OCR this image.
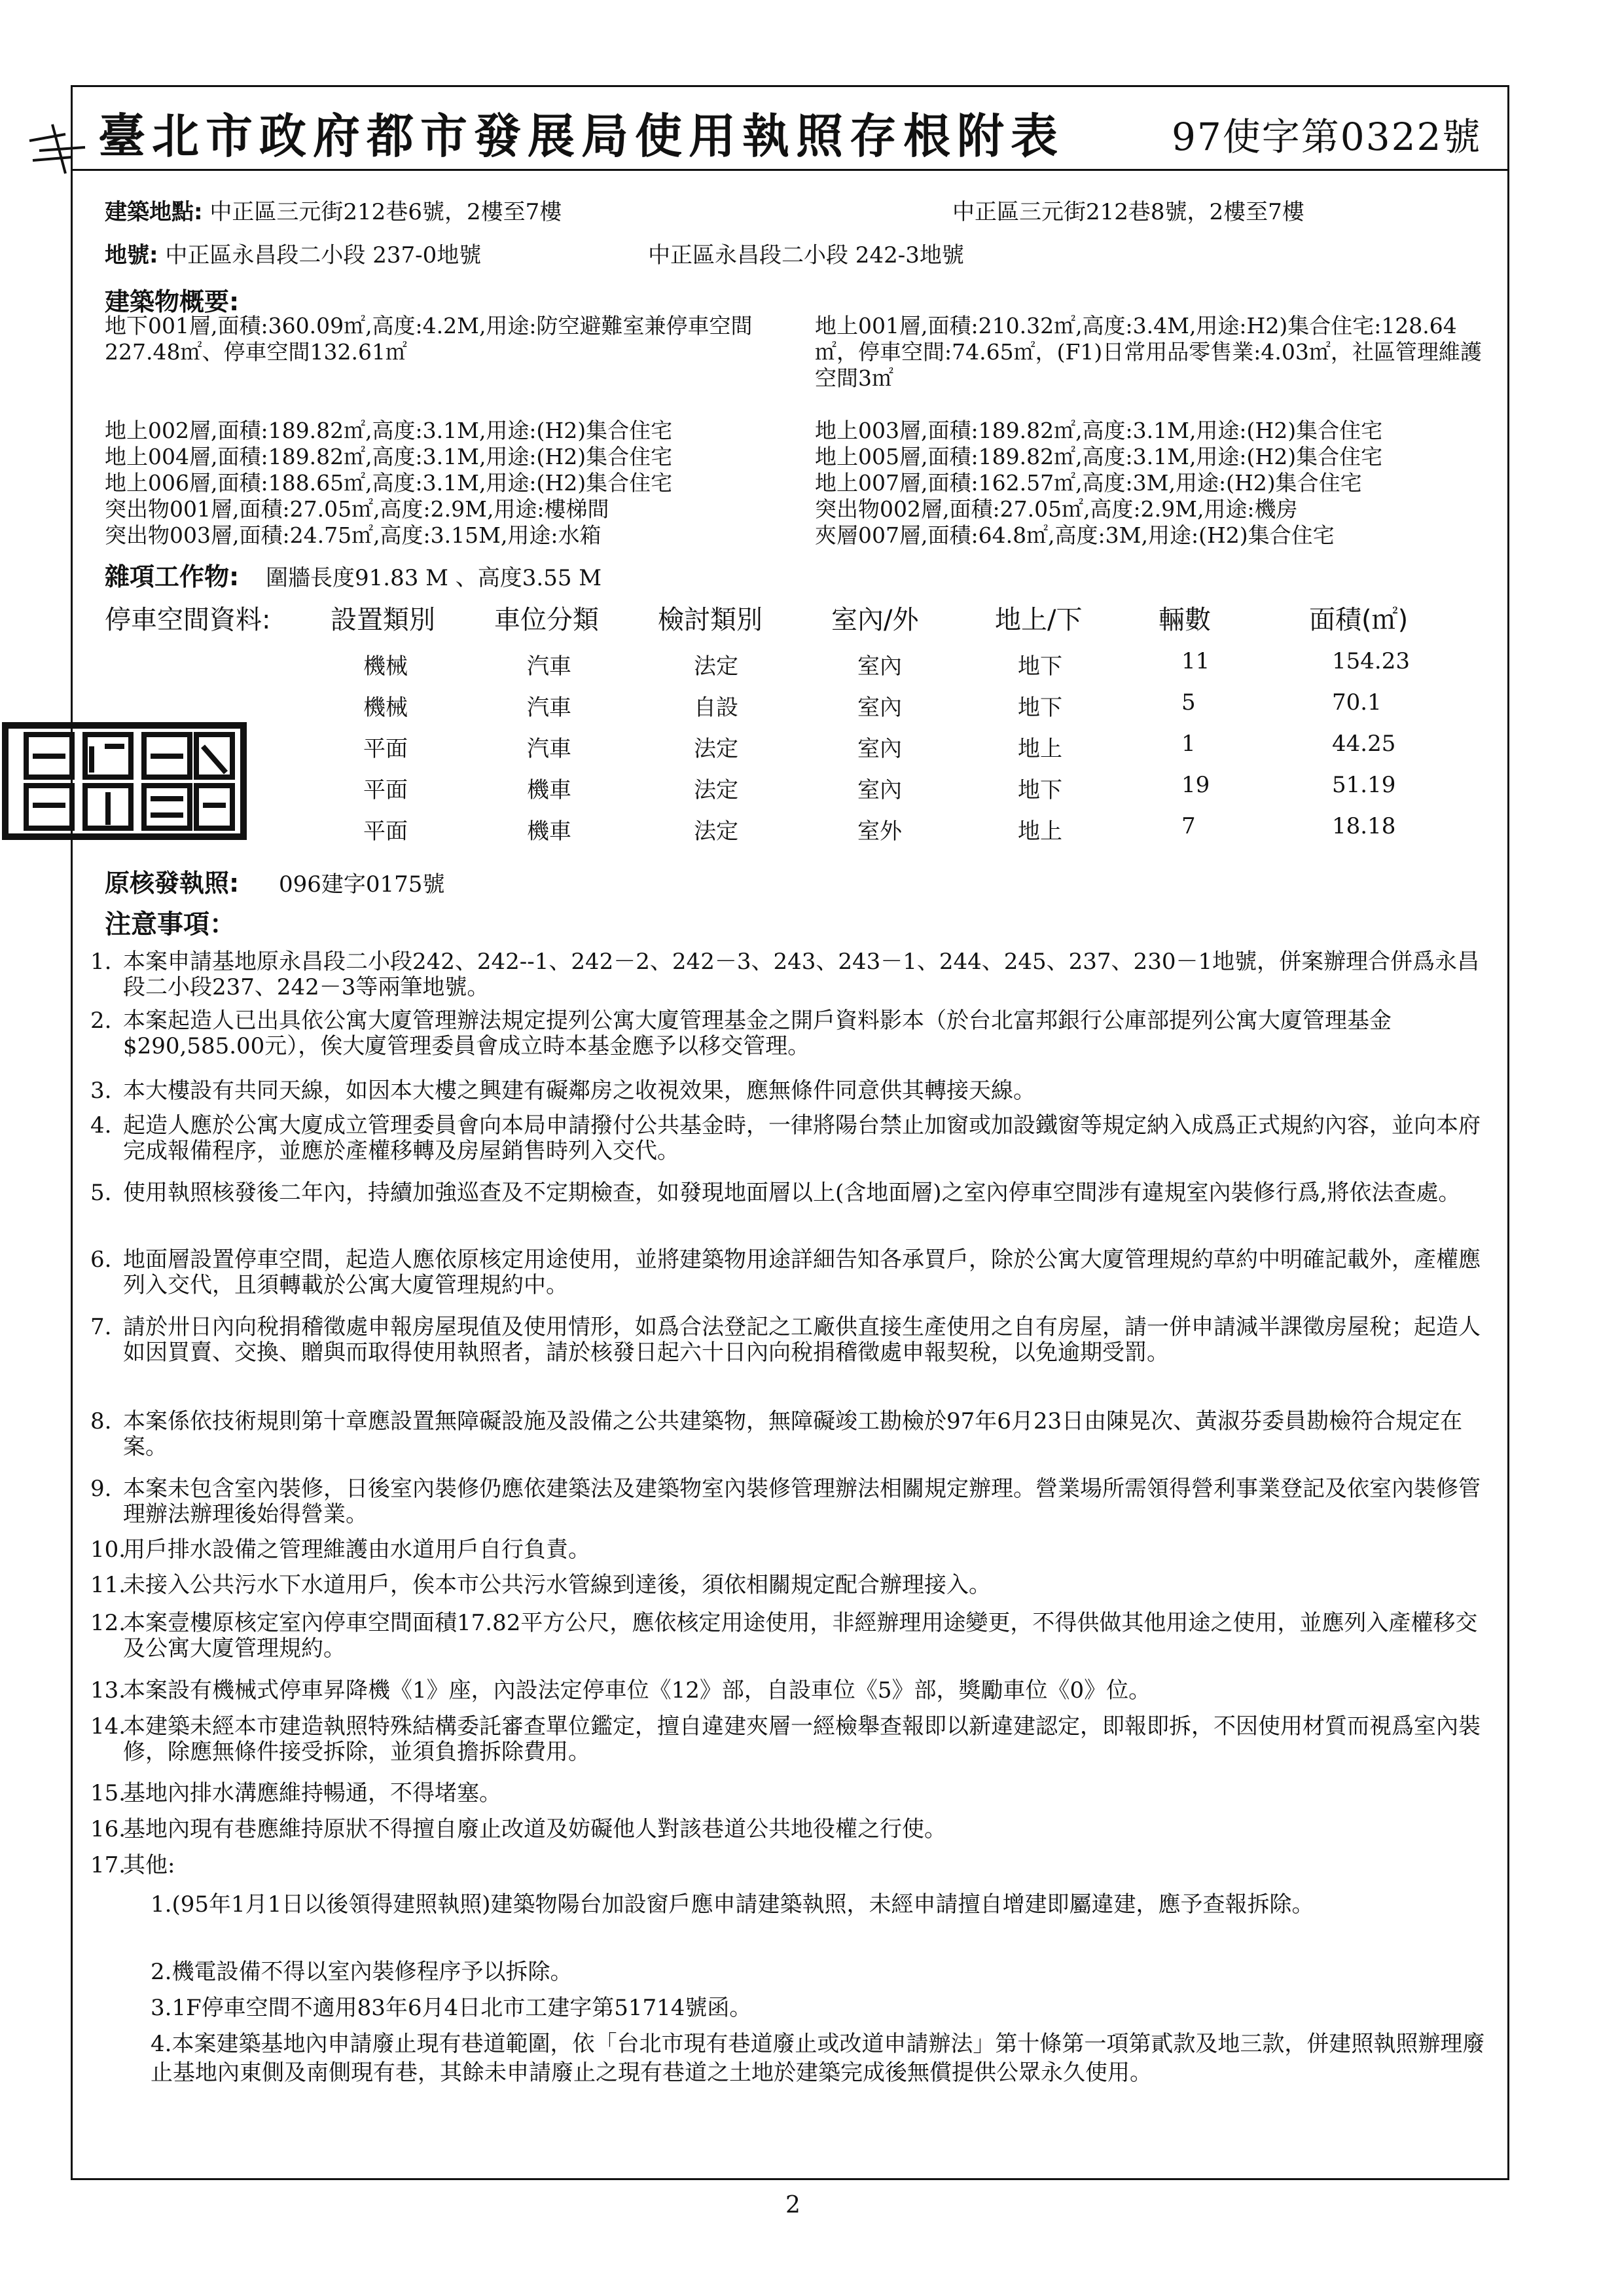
臺北市政府都市發展局使用執照存根附表	97使字第0322號
建築地點: 中正區三元街212巷6號，2樓至7樓	中正區三元街212巷8號，2樓至7樓
地號: 中正區永昌段二小段 237-0地號	中正區永昌段二小段 242-3地號
建築物概要:
地下001層,面積:360.09㎡,高度:4.2M,用途:防空避難室兼停車空間227.48㎡、停車空間132.61㎡
地上001層,面積:210.32㎡,高度:3.4M,用途:H2)集合住宅:128.64㎡，停車空間:74.65㎡，(F1)日常用品零售業:4.03㎡，社區管理維護空間3㎡
地上002層,面積:189.82㎡,高度:3.1M,用途:(H2)集合住宅
地上004層,面積:189.82㎡,高度:3.1M,用途:(H2)集合住宅
地上006層,面積:188.65㎡,高度:3.1M,用途:(H2)集合住宅
突出物001層,面積:27.05㎡,高度:2.9M,用途:樓梯間
突出物003層,面積:24.75㎡,高度:3.15M,用途:水箱
地上003層,面積:189.82㎡,高度:3.1M,用途:(H2)集合住宅
地上005層,面積:189.82㎡,高度:3.1M,用途:(H2)集合住宅
地上007層,面積:162.57㎡,高度:3M,用途:(H2)集合住宅
突出物002層,面積:27.05㎡,高度:2.9M,用途:機房
夾層007層,面積:64.8㎡,高度:3M,用途:(H2)集合住宅
雜項工作物: 圍牆長度91.83 M 、高度3.55 M
停車空間資料: 設置類別 車位分類 檢討類別	室內/外	地上/下	輛數	面積(㎡)
機械	汽車	法定	室內	地下	11	154.23
機械	汽車	自設	室內	地下	5	70.1
平面	汽車	法定	室內	地上	1	44.25
平面	機車	法定	室內	地下	19	51.19
平面	機車	法定	室外	地上	7	18.18
原核發執照: 096建字0175號
注意事項：
1. 本案申請基地原永昌段二小段242、242--1、242－2、242－3、243、243－1、244、245、237、230－1地號，併案辦理合併爲永昌段二小段237、242－3等兩筆地號。
2. 本案起造人已出具依公寓大廈管理辦法規定提列公寓大廈管理基金之開戶資料影本（於台北富邦銀行公庫部提列公寓大廈管理基金$290,585.00元），俟大廈管理委員會成立時本基金應予以移交管理。
3. 本大樓設有共同天線，如因本大樓之興建有礙鄰房之收視效果，應無條件同意供其轉接天線。
4. 起造人應於公寓大廈成立管理委員會向本局申請撥付公共基金時，一律將陽台禁止加窗或加設鐵窗等規定納入成爲正式規約內容，並向本府完成報備程序，並應於產權移轉及房屋銷售時列入交代。
5. 使用執照核發後二年內，持續加強巡查及不定期檢查，如發現地面層以上(含地面層)之室內停車空間涉有違規室內裝修行爲,將依法查處。
6. 地面層設置停車空間，起造人應依原核定用途使用，並將建築物用途詳細告知各承買戶，除於公寓大廈管理規約草約中明確記載外，產權應列入交代，且須轉載於公寓大廈管理規約中。
7. 請於卅日內向稅捐稽徵處申報房屋現值及使用情形，如爲合法登記之工廠供直接生產使用之自有房屋，請一併申請減半課徵房屋稅；起造人如因買賣、交換、贈與而取得使用執照者，請於核發日起六十日內向稅捐稽徵處申報契稅，以免逾期受罰。
8. 本案係依技術規則第十章應設置無障礙設施及設備之公共建築物，無障礙竣工勘檢於97年6月23日由陳晃次、黃淑芬委員勘檢符合規定在案。
9. 本案未包含室內裝修，日後室內裝修仍應依建築法及建築物室內裝修管理辦法相關規定辦理。營業場所需領得營利事業登記及依室內裝修管理辦法辦理後始得營業。
10.
用戶排水設備之管理維護由水道用戶自行負責。
11.
未接入公共污水下水道用戶，俟本市公共污水管線到達後，須依相關規定配合辦理接入。
12.
本案壹樓原核定室內停車空間面積17.82平方公尺，應依核定用途使用，非經辦理用途變更，不得供做其他用途之使用，並應列入產權移交及公寓大廈管理規約。
13.
本案設有機械式停車昇降機《1》座，內設法定停車位《12》部，自設車位《5》部，獎勵車位《0》位。
14.
本建築未經本市建造執照特殊結構委託審查單位鑑定，擅自違建夾層一經檢舉查報即以新違建認定，即報即拆，不因使用材質而視爲室內裝修，除應無條件接受拆除，並須負擔拆除費用。
15.
基地內排水溝應維持暢通，不得堵塞。
16.
基地內現有巷應維持原狀不得擅自廢止改道及妨礙他人對該巷道公共地役權之行使。
17.
其他:
1.(95年1月1日以後領得建照執照)建築物陽台加設窗戶應申請建築執照，未經申請擅自增建即屬違建，應予查報拆除。
2.機電設備不得以室內裝修程序予以拆除。
3.1F停車空間不適用83年6月4日北市工建字第51714號函。
4.本案建築基地內申請廢止現有巷道範圍，依「台北市現有巷道廢止或改道申請辦法」第十條第一項第貳款及地三款，併建照執照辦理廢止基地內東側及南側現有巷，其餘未申請廢止之現有巷道之土地於建築完成後無償提供公眾永久使用。
2
